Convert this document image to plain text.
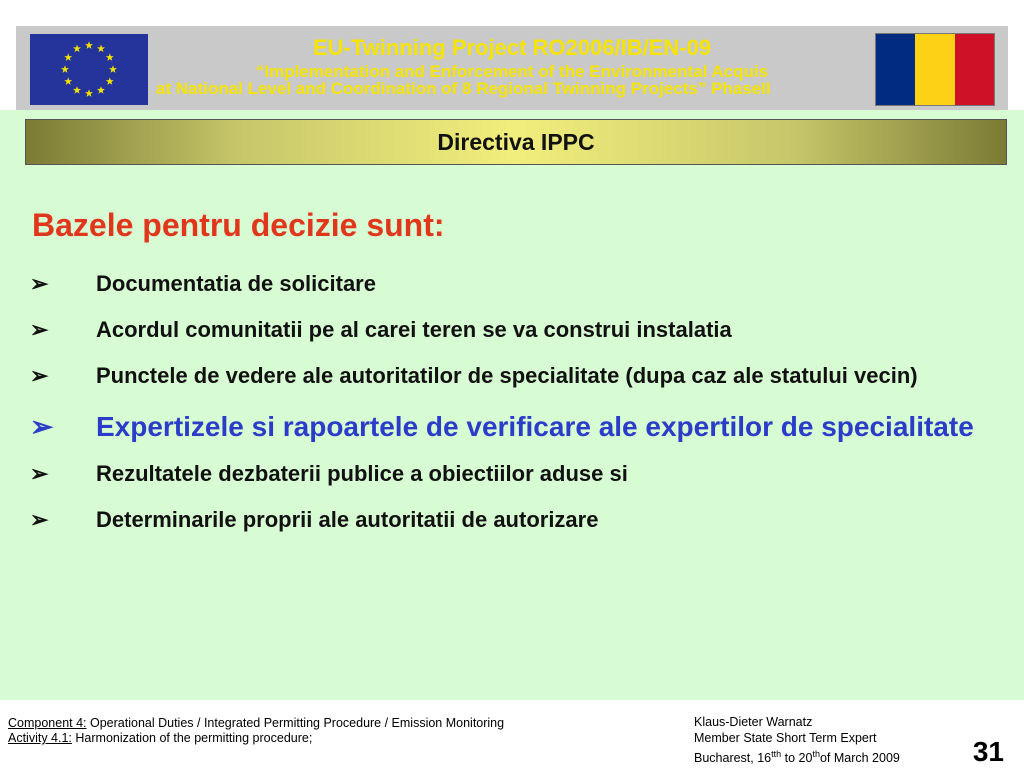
EU-Twinning Project RO2006/IB/EN-09
“Implementation and Enforcement of the Environmental Acquis
at National Level and Coordination of 8 Regional Twinning Projects” PhaseII
Directiva IPPC
Bazele pentru decizie sunt:
➢ Documentatia de solicitare
➢ Acordul comunitatii pe al carei teren se va construi instalatia
➢ Punctele de vedere ale autoritatilor de specialitate (dupa caz ale statului vecin)
➢ Expertizele si rapoartele de verificare ale expertilor de specialitate
➢ Rezultatele dezbaterii publice a obiectiilor aduse si
➢ Determinarile proprii ale autoritatii de autorizare
Component 4: Operational Duties / Integrated Permitting Procedure / Emission Monitoring
Activity 4.1: Harmonization of the permitting procedure;
Klaus-Dieter Warnatz
Member State Short Term Expert
Bucharest, $16^{tth}$ to 20thof March 2009	31
